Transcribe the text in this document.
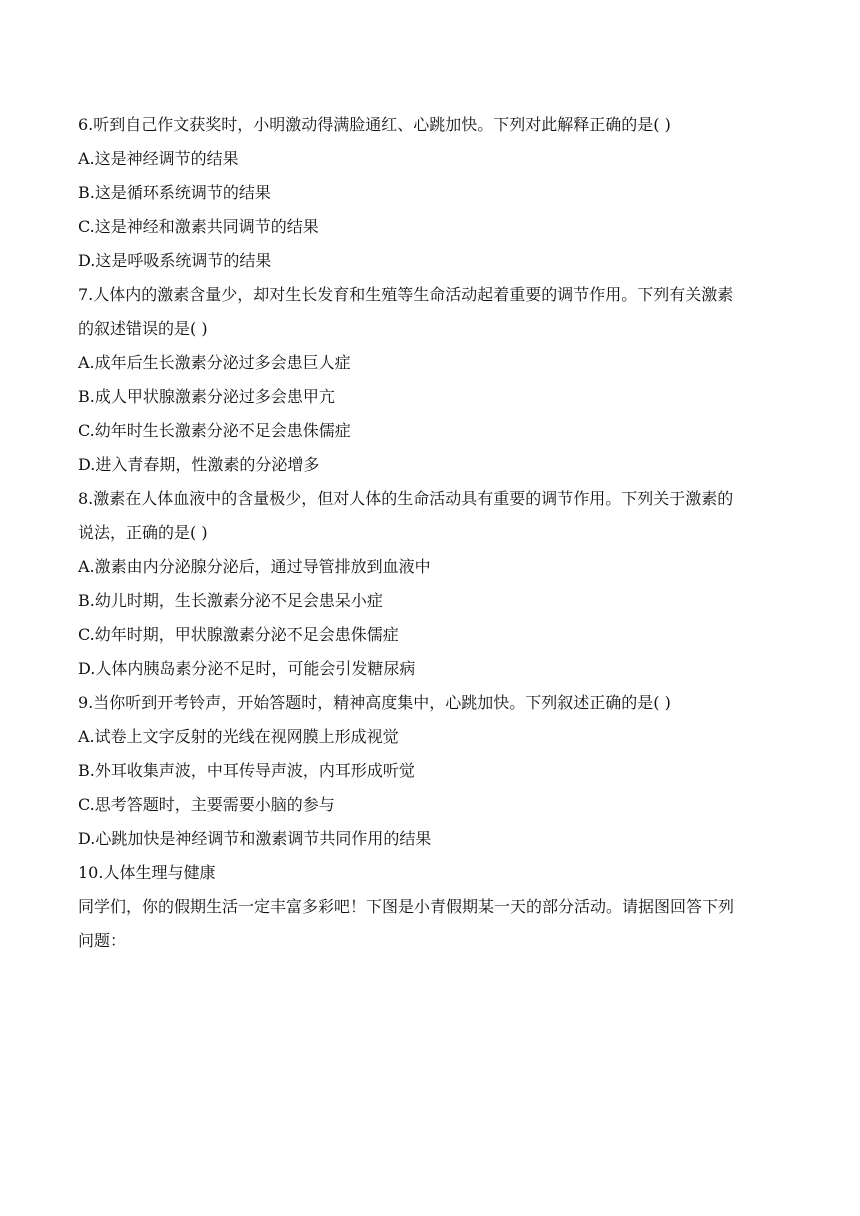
6.听到自己作文获奖时，小明激动得满脸通红、心跳加快。下列对此解释正确的是( )
A.这是神经调节的结果
B.这是循环系统调节的结果
C.这是神经和激素共同调节的结果
D.这是呼吸系统调节的结果
7.人体内的激素含量少，却对生长发育和生殖等生命活动起着重要的调节作用。下列有关激素
的叙述错误的是( )
A.成年后生长激素分泌过多会患巨人症
B.成人甲状腺激素分泌过多会患甲亢
C.幼年时生长激素分泌不足会患侏儒症
D.进入青春期，性激素的分泌增多
8.激素在人体血液中的含量极少，但对人体的生命活动具有重要的调节作用。下列关于激素的
说法，正确的是( )
A.激素由内分泌腺分泌后，通过导管排放到血液中
B.幼儿时期，生长激素分泌不足会患呆小症
C.幼年时期，甲状腺激素分泌不足会患侏儒症
D.人体内胰岛素分泌不足时，可能会引发糖尿病
9.当你听到开考铃声，开始答题时，精神高度集中，心跳加快。下列叙述正确的是( )
A.试卷上文字反射的光线在视网膜上形成视觉
B.外耳收集声波，中耳传导声波，内耳形成听觉
C.思考答题时，主要需要小脑的参与
D.心跳加快是神经调节和激素调节共同作用的结果
10.人体生理与健康
同学们，你的假期生活一定丰富多彩吧！下图是小青假期某一天的部分活动。请据图回答下列
问题：
